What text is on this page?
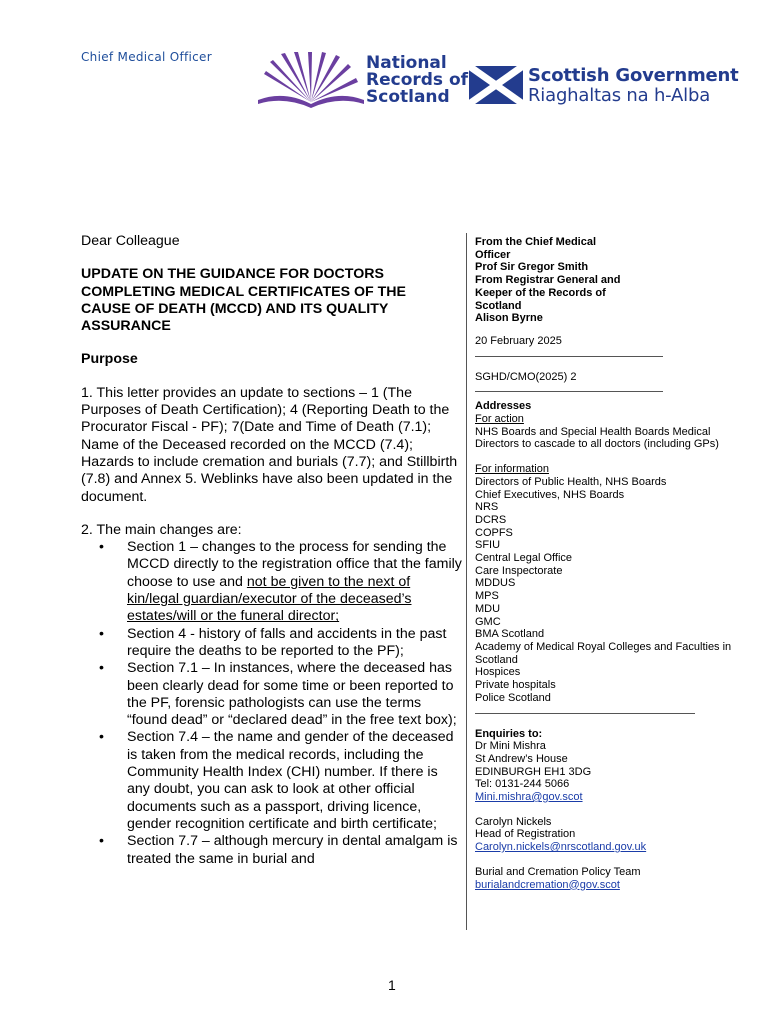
Chief Medical Officer	National
Records of
Scotland
Scottish Government
Riaghaltas na h-Alba

Dear Colleague

UPDATE ON THE GUIDANCE FOR DOCTORS
COMPLETING MEDICAL CERTIFICATES OF THE
CAUSE OF DEATH (MCCD) AND ITS QUALITY
ASSURANCE

Purpose

1. This letter provides an update to sections – 1 (The Purposes of Death Certification); 4 (Reporting Death to the Procurator Fiscal - PF); 7(Date and Time of Death (7.1); Name of the Deceased recorded on the MCCD (7.4); Hazards to include cremation and burials (7.7); and Stillbirth (7.8) and Annex 5. Weblinks have also been updated in the document.

2. The main changes are:

• Section 1 – changes to the process for sending the MCCD directly to the registration office that the family choose to use and not be given to the next of kin/legal guardian/executor of the deceased’s estates/will or the funeral director;
• Section 4 - history of falls and accidents in the past require the deaths to be reported to the PF);
• Section 7.1 – In instances, where the deceased has been clearly dead for some time or been reported to the PF, forensic pathologists can use the terms “found dead” or “declared dead” in the free text box);
• Section 7.4 – the name and gender of the deceased is taken from the medical records, including the Community Health Index (CHI) number. If there is any doubt, you can ask to look at other official documents such as a passport, driving licence, gender recognition certificate and birth certificate;
• Section 7.7 – although mercury in dental amalgam is treated the same in burial and
From the Chief Medical
Officer
Prof Sir Gregor Smith
From Registrar General and
Keeper of the Records of
Scotland
Alison Byrne
20 February 2025
SGHD/CMO(2025) 2
Addresses
For action
NHS Boards and Special Health Boards Medical Directors to cascade to all doctors (including GPs)
For information
Directors of Public Health, NHS Boards
Chief Executives, NHS Boards
NRS
DCRS
COPFS
SFIU
Central Legal Office
Care Inspectorate
MDDUS
MPS
MDU
GMC
BMA Scotland
Academy of Medical Royal Colleges and Faculties in Scotland
Hospices
Private hospitals
Police Scotland
Enquiries to:
Dr Mini Mishra
St Andrew’s House
EDINBURGH EH1 3DG
Tel: 0131-244 5066
Mini.mishra@gov.scot
Carolyn Nickels
Head of Registration
Carolyn.nickels@nrscotland.gov.uk
Burial and Cremation Policy Team
burialandcremation@gov.scot
1
